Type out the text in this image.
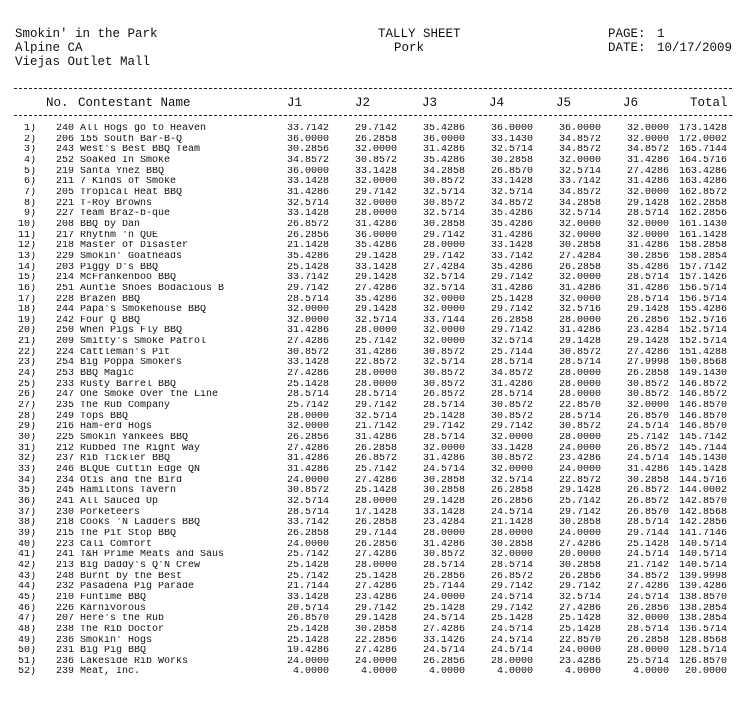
Smokin' in the Park
Alpine CA
Viejas Outlet Mall
TALLY SHEET
Pork
PAGE: 1
DATE: 10/17/2009
No. Contestant Name	J1	J2	J3	J4	J5	J6	Total
1)	240	All Hogs go to Heaven	33.7142	29.7142	35.4286	36.0000	36.0000	32.0000	173.1428
2)	206	155 South Bar-B-Q	36.0000	26.2858	36.0000	33.1430	34.8572	32.0000	172.0002
3)	243	West's Best BBQ Team	30.2856	32.0000	31.4286	32.5714	34.8572	34.8572	165.7144
4)	252	Soaked In Smoke	34.8572	30.8572	35.4286	30.2858	32.0000	31.4286	164.5716
5)	219	Santa Ynez BBQ	36.0000	33.1428	34.2858	26.8570	32.5714	27.4286	163.4286
6)	211	7 Kinds of Smoke	33.1428	32.0000	30.8572	33.1428	33.7142	31.4286	163.4286
7)	205	Tropical Heat BBQ	31.4286	29.7142	32.5714	32.5714	34.8572	32.0000	162.8572
8)	221	T-Roy Browns	32.5714	32.0000	30.8572	34.8572	34.2858	29.1428	162.2858
9)	227	Team Braz-b-que	33.1428	28.0000	32.5714	35.4286	32.5714	28.5714	162.2856
10)	208	BBQ by Dan	26.8572	31.4286	30.2858	35.4286	32.0000	32.0000	161.1430
11)	217	Rhythm 'n QUE	26.2856	36.0000	29.7142	31.4286	32.0000	32.0000	161.1428
12)	218	Master of Disaster	21.1428	35.4286	28.0000	33.1428	30.2858	31.4286	158.2858
13)	229	Smokin' Goatheads	35.4286	29.1428	29.7142	33.7142	27.4284	30.2856	158.2854
14)	203	Piggy D's BBQ	25.1428	33.1428	27.4284	35.4286	26.2858	35.4286	157.7142
15)	214	McFrankenboo BBQ	33.7142	29.1428	32.5714	29.7142	32.0000	28.5714	157.1426
16)	251	Auntie Shoes Bodacious B	29.7142	27.4286	32.5714	31.4286	31.4286	31.4286	156.5714
17)	228	Brazen BBQ	28.5714	35.4286	32.0000	25.1428	32.0000	28.5714	156.5714
18)	244	Papa's Smokehouse BBQ	32.0000	29.1428	32.0000	29.7142	32.5716	29.1428	155.4286
19)	242	Four Q BBQ	32.0000	32.5714	33.7144	26.2858	28.0000	26.2856	152.5716
20)	250	When Pigs Fly BBQ	31.4286	28.0000	32.0000	29.7142	31.4286	23.4284	152.5714
21)	209	Smitty's Smoke Patrol	27.4286	25.7142	32.0000	32.5714	29.1428	29.1428	152.5714
22)	224	Cattleman's Pit	30.8572	31.4286	30.8572	25.7144	30.8572	27.4286	151.4288
23)	254	Big Poppa Smokers	33.1428	22.8572	32.5714	28.5714	28.5714	27.9998	150.8568
24)	253	BBQ Magic	27.4286	28.0000	30.8572	34.8572	28.0000	26.2858	149.1430
25)	233	Rusty Barrel BBQ	25.1428	28.0000	30.8572	31.4286	28.0000	30.8572	146.8572
26)	247	One Smoke Over the Line	28.5714	28.5714	26.8572	28.5714	28.0000	30.8572	146.8572
27)	235	The Rub Company	25.7142	29.7142	28.5714	30.8572	22.8570	32.0000	146.8570
28)	249	Tops BBQ	28.0000	32.5714	25.1428	30.8572	28.5714	26.8570	146.8570
29)	216	Ham-erd Hogs	32.0000	21.7142	29.7142	29.7142	30.8572	24.5714	146.8570
30)	225	Smokin Yankees BBQ	26.2856	31.4286	28.5714	32.0000	28.0000	25.7142	145.7142
31)	212	Rubbed The Right Way	27.4286	26.2858	32.0000	33.1428	24.0000	26.8572	145.7144
32)	237	Rib Tickler BBQ	31.4286	26.8572	31.4286	30.8572	23.4286	24.5714	145.1430
33)	246	BLQUE Cuttin Edge QN	31.4286	25.7142	24.5714	32.0000	24.0000	31.4286	145.1428
34)	234	Otis and the Bird	24.0000	27.4286	30.2858	32.5714	22.8572	30.2858	144.5716
35)	245	Hamiltons Tavern	30.8572	25.1428	30.2858	26.2858	29.1428	26.8572	144.0002
36)	241	All Sauced Up	32.5714	28.0000	29.1428	26.2856	25.7142	26.8572	142.8570
37)	230	Porketeers	28.5714	17.1428	33.1428	24.5714	29.7142	26.8570	142.8568
38)	218	Cooks 'N Ladders BBQ	33.7142	26.2858	23.4284	21.1428	30.2858	28.5714	142.2856
39)	215	The Pit Stop BBQ	26.2858	29.7144	28.0000	28.0000	24.0000	29.7144	141.7146
40)	223	Cali Comfort	24.0000	26.2856	31.4286	30.2858	27.4286	25.1428	140.5714
41)	241	T&H Prime Meats and Saus	25.7142	27.4286	30.8572	32.0000	20.0000	24.5714	140.5714
42)	213	Big Daddy's Q'N Crew	25.1428	28.0000	28.5714	28.5714	30.2858	21.7142	140.5714
43)	248	Burnt by the Best	25.7142	25.1428	26.2856	26.8572	26.2856	34.8572	139.9998
44)	232	Pasadena Pig Parade	21.7144	27.4286	25.7144	29.7142	29.7142	27.4286	139.4286
45)	210	Funtime BBQ	33.1428	23.4286	24.0000	24.5714	32.5714	24.5714	138.8570
46)	226	Karnivorous	20.5714	29.7142	25.1428	29.7142	27.4286	26.2856	138.2854
47)	207	Here's the Rub	26.8570	29.1428	24.5714	25.1428	25.1428	32.0000	138.2854
48)	238	The Rib Doctor	25.1428	30.2858	27.4286	24.5714	25.1428	28.5714	136.5714
49)	236	Smokin' Hogs	25.1428	22.2856	33.1426	24.5714	22.8570	26.2858	128.8568
50)	231	Big Pig BBQ	19.4286	27.4286	24.5714	24.5714	24.0000	28.0000	128.5714
51)	236	Lakeside Rib Works	24.0000	24.0000	26.2856	28.0000	23.4286	25.5714	126.8570
52)	239	Meat, Inc.	4.0000	4.0000	4.0000	4.0000	4.0000	4.0000	20.0000
